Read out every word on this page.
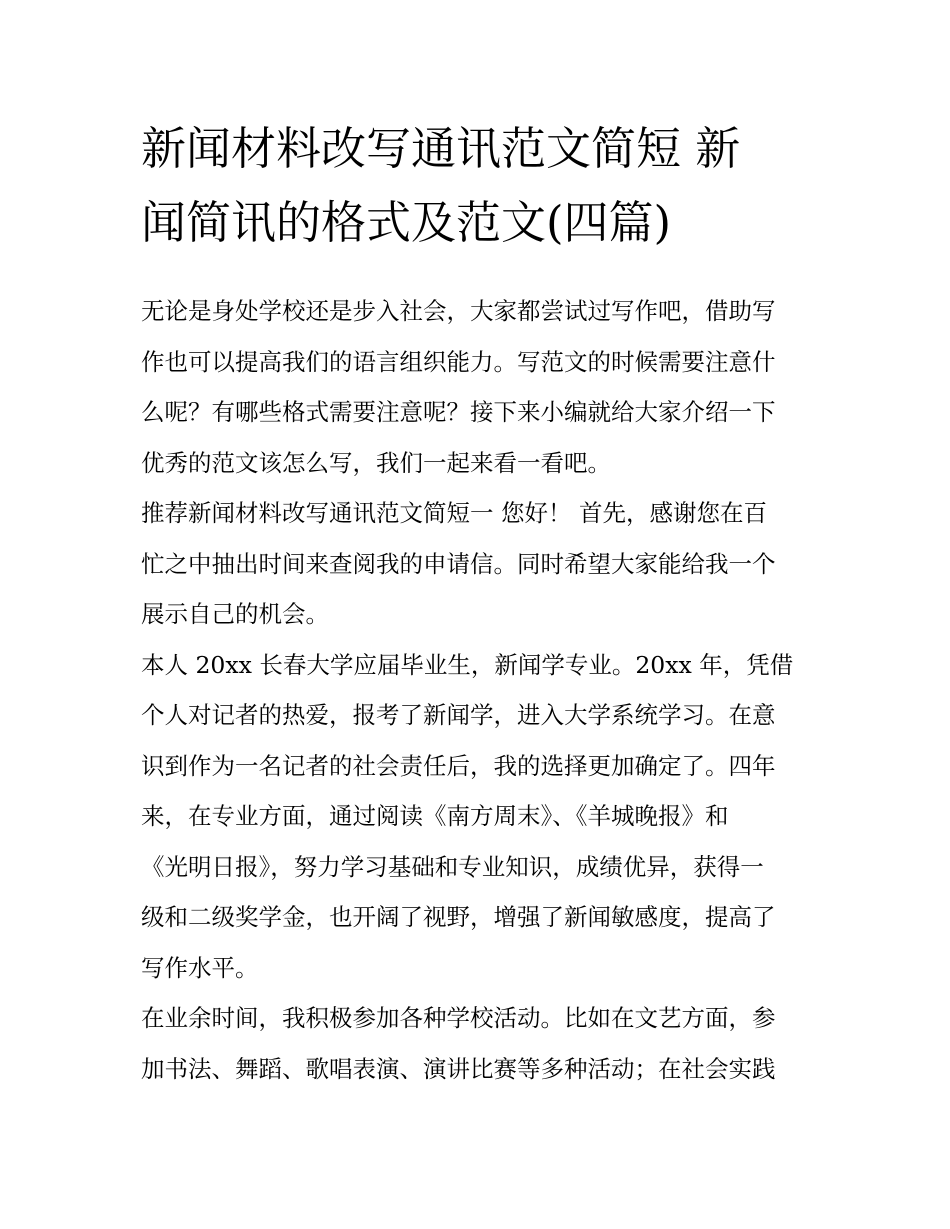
新闻材料改写通讯范文简短 新
闻简讯的格式及范文(四篇)

无论是身处学校还是步入社会，大家都尝试过写作吧，借助写
作也可以提高我们的语言组织能力。写范文的时候需要注意什
么呢？有哪些格式需要注意呢？接下来小编就给大家介绍一下
优秀的范文该怎么写，我们一起来看一看吧。

推荐新闻材料改写通讯范文简短一 您好！ 首先，感谢您在百
忙之中抽出时间来查阅我的申请信。同时希望大家能给我一个
展示自己的机会。

本人 20xx 长春大学应届毕业生，新闻学专业。20xx 年，凭借
个人对记者的热爱，报考了新闻学，进入大学系统学习。在意
识到作为一名记者的社会责任后，我的选择更加确定了。四年
来，在专业方面，通过阅读《南方周末》、《羊城晚报》和
《光明日报》，努力学习基础和专业知识，成绩优异，获得一
级和二级奖学金，也开阔了视野，增强了新闻敏感度，提高了
写作水平。

在业余时间，我积极参加各种学校活动。比如在文艺方面，参
加书法、舞蹈、歌唱表演、演讲比赛等多种活动；在社会实践
